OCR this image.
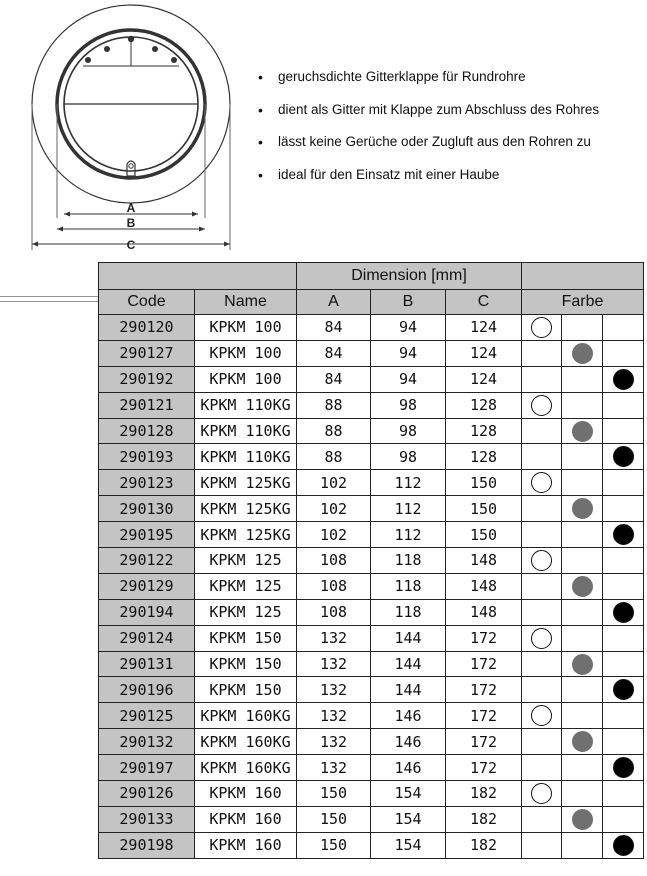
A
B
C
• geruchsdichte Gitterklappe für Rundrohre
• dient als Gitter mit Klappe zum Abschluss des Rohres
• lässt keine Gerüche oder Zugluft aus den Rohren zu
• ideal für den Einsatz mit einer Haube
		Dimension [mm]					
Code	Name	A	B	C	Farbe		
290120	KPKM 100	84	94	124			
290127	KPKM 100	84	94	124			
290192	KPKM 100	84	94	124			
290121	KPKM 110KG	88	98	128			
290128	KPKM 110KG	88	98	128			
290193	KPKM 110KG	88	98	128			
290123	KPKM 125KG	102	112	150			
290130	KPKM 125KG	102	112	150			
290195	KPKM 125KG	102	112	150			
290122	KPKM 125	108	118	148			
290129	KPKM 125	108	118	148			
290194	KPKM 125	108	118	148			
290124	KPKM 150	132	144	172			
290131	KPKM 150	132	144	172			
290196	KPKM 150	132	144	172			
290125	KPKM 160KG	132	146	172			
290132	KPKM 160KG	132	146	172			
290197	KPKM 160KG	132	146	172			
290126	KPKM 160	150	154	182			
290133	KPKM 160	150	154	182			
290198	KPKM 160	150	154	182			
